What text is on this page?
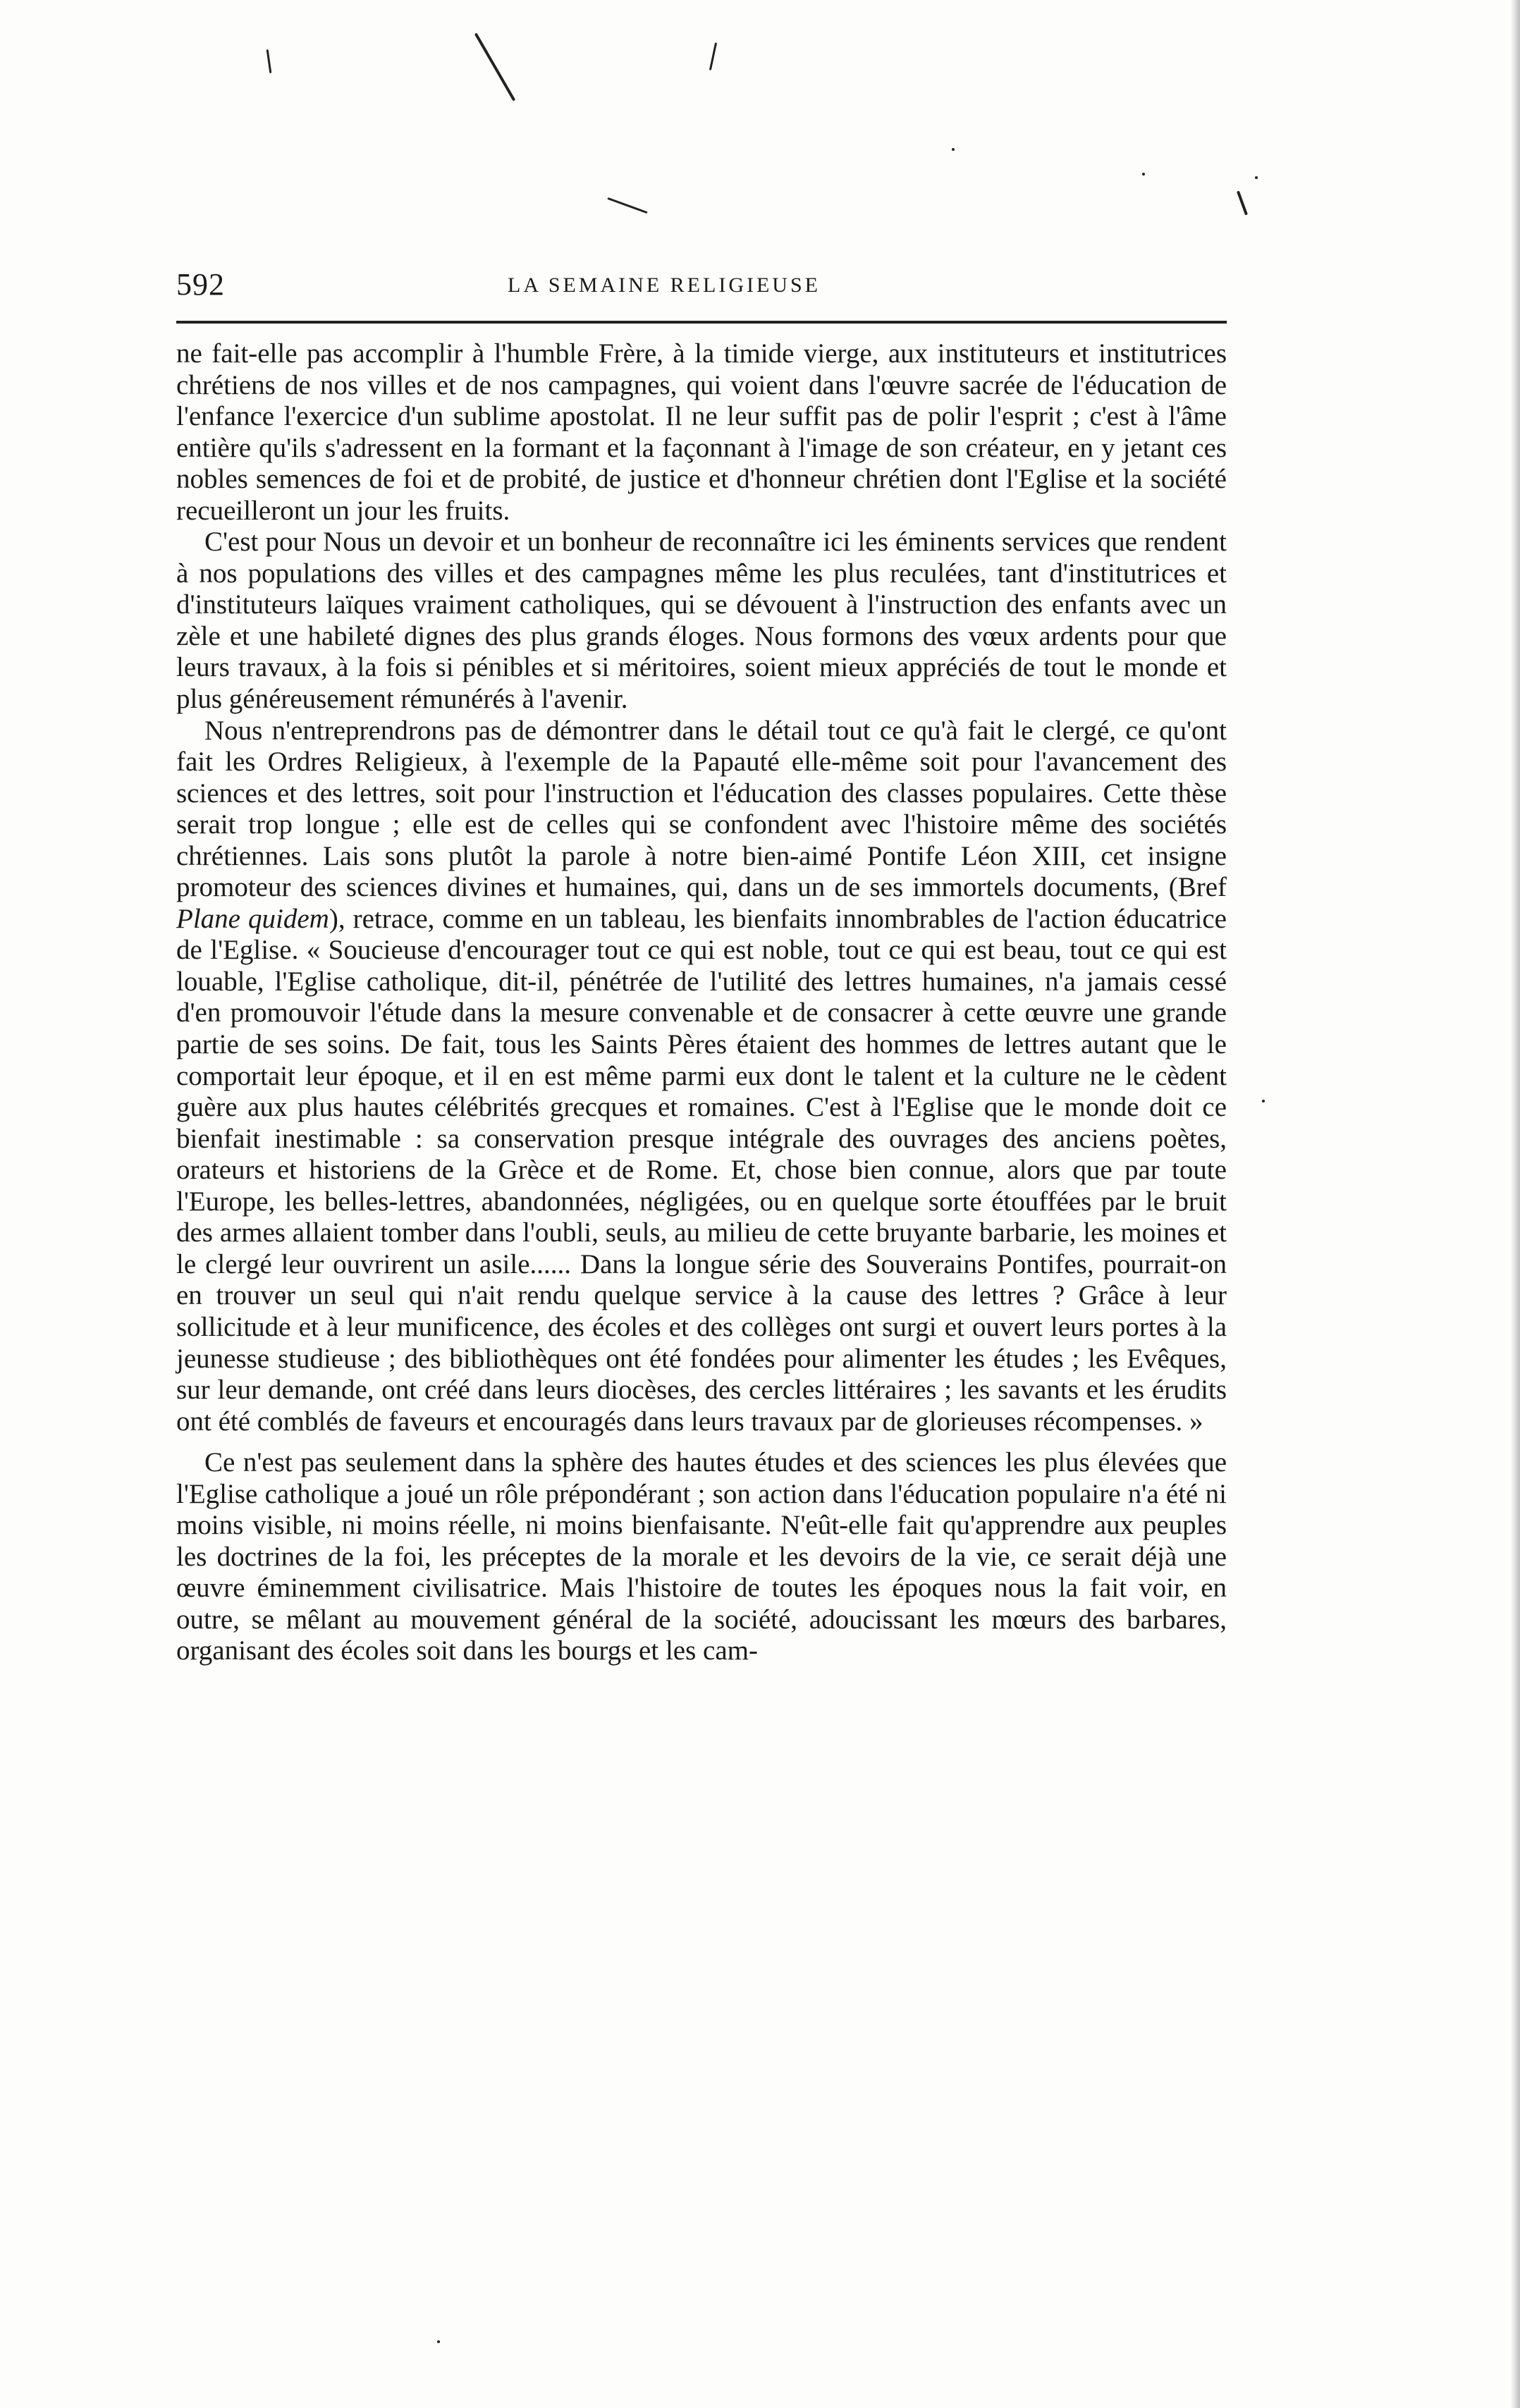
592	LA SEMAINE RELIGIEUSE

ne fait-elle pas accomplir à l'humble Frère, à la timide vierge, aux instituteurs et institutrices chrétiens de nos villes et de nos campagnes, qui voient dans l'œuvre sacrée de l'éducation de l'enfance l'exercice d'un sublime apostolat. Il ne leur suffit pas de polir l'esprit ; c'est à l'âme entière qu'ils s'adressent en la formant et la façonnant à l'image de son créateur, en y jetant ces nobles semences de foi et de probité, de justice et d'honneur chrétien dont l'Eglise et la société recueilleront un jour les fruits.

C'est pour Nous un devoir et un bonheur de reconnaître ici les éminents services que rendent à nos populations des villes et des campagnes même les plus reculées, tant d'institutrices et d'instituteurs laïques vraiment catholiques, qui se dévouent à l'instruction des enfants avec un zèle et une habileté dignes des plus grands éloges. Nous formons des vœux ardents pour que leurs travaux, à la fois si pénibles et si méritoires, soient mieux appréciés de tout le monde et plus généreusement rémunérés à l'avenir.

Nous n'entreprendrons pas de démontrer dans le détail tout ce qu'à fait le clergé, ce qu'ont fait les Ordres Religieux, à l'exemple de la Papauté elle-même soit pour l'avancement des sciences et des lettres, soit pour l'instruction et l'éducation des classes populaires. Cette thèse serait trop longue ; elle est de celles qui se confondent avec l'histoire même des sociétés chrétiennes. Lais sons plutôt la parole à notre bien-aimé Pontife Léon XIII, cet insigne promoteur des sciences divines et humaines, qui, dans un de ses immortels documents, (Bref Plane quidem), retrace, comme en un tableau, les bienfaits innombrables de l'action éducatrice de l'Eglise. « Soucieuse d'encourager tout ce qui est noble, tout ce qui est beau, tout ce qui est louable, l'Eglise catholique, dit-il, pénétrée de l'utilité des lettres humaines, n'a jamais cessé d'en promouvoir l'étude dans la mesure convenable et de consacrer à cette œuvre une grande partie de ses soins. De fait, tous les Saints Pères étaient des hommes de lettres autant que le comportait leur époque, et il en est même parmi eux dont le talent et la culture ne le cèdent guère aux plus hautes célébrités grecques et romaines. C'est à l'Eglise que le monde doit ce bienfait inestimable : sa conservation presque intégrale des ouvrages des anciens poètes, orateurs et historiens de la Grèce et de Rome. Et, chose bien connue, alors que par toute l'Europe, les belles-lettres, abandonnées, négligées, ou en quelque sorte étouffées par le bruit des armes allaient tomber dans l'oubli, seuls, au milieu de cette bruyante barbarie, les moines et le clergé leur ouvrirent un asile...... Dans la longue série des Souverains Pontifes, pourrait-on en trouver un seul qui n'ait rendu quelque service à la cause des lettres ? Grâce à leur sollicitude et à leur munificence, des écoles et des collèges ont surgi et ouvert leurs portes à la jeunesse studieuse ; des bibliothèques ont été fondées pour alimenter les études ; les Evêques, sur leur demande, ont créé dans leurs diocèses, des cercles littéraires ; les savants et les érudits ont été comblés de faveurs et encouragés dans leurs travaux par de glorieuses récompenses. »

Ce n'est pas seulement dans la sphère des hautes études et des sciences les plus élevées que l'Eglise catholique a joué un rôle prépondérant ; son action dans l'éducation populaire n'a été ni moins visible, ni moins réelle, ni moins bienfaisante. N'eût-elle fait qu'apprendre aux peuples les doctrines de la foi, les préceptes de la morale et les devoirs de la vie, ce serait déjà une œuvre éminemment civilisatrice. Mais l'histoire de toutes les époques nous la fait voir, en outre, se mêlant au mouvement général de la société, adoucissant les mœurs des barbares, organisant des écoles soit dans les bourgs et les cam-
